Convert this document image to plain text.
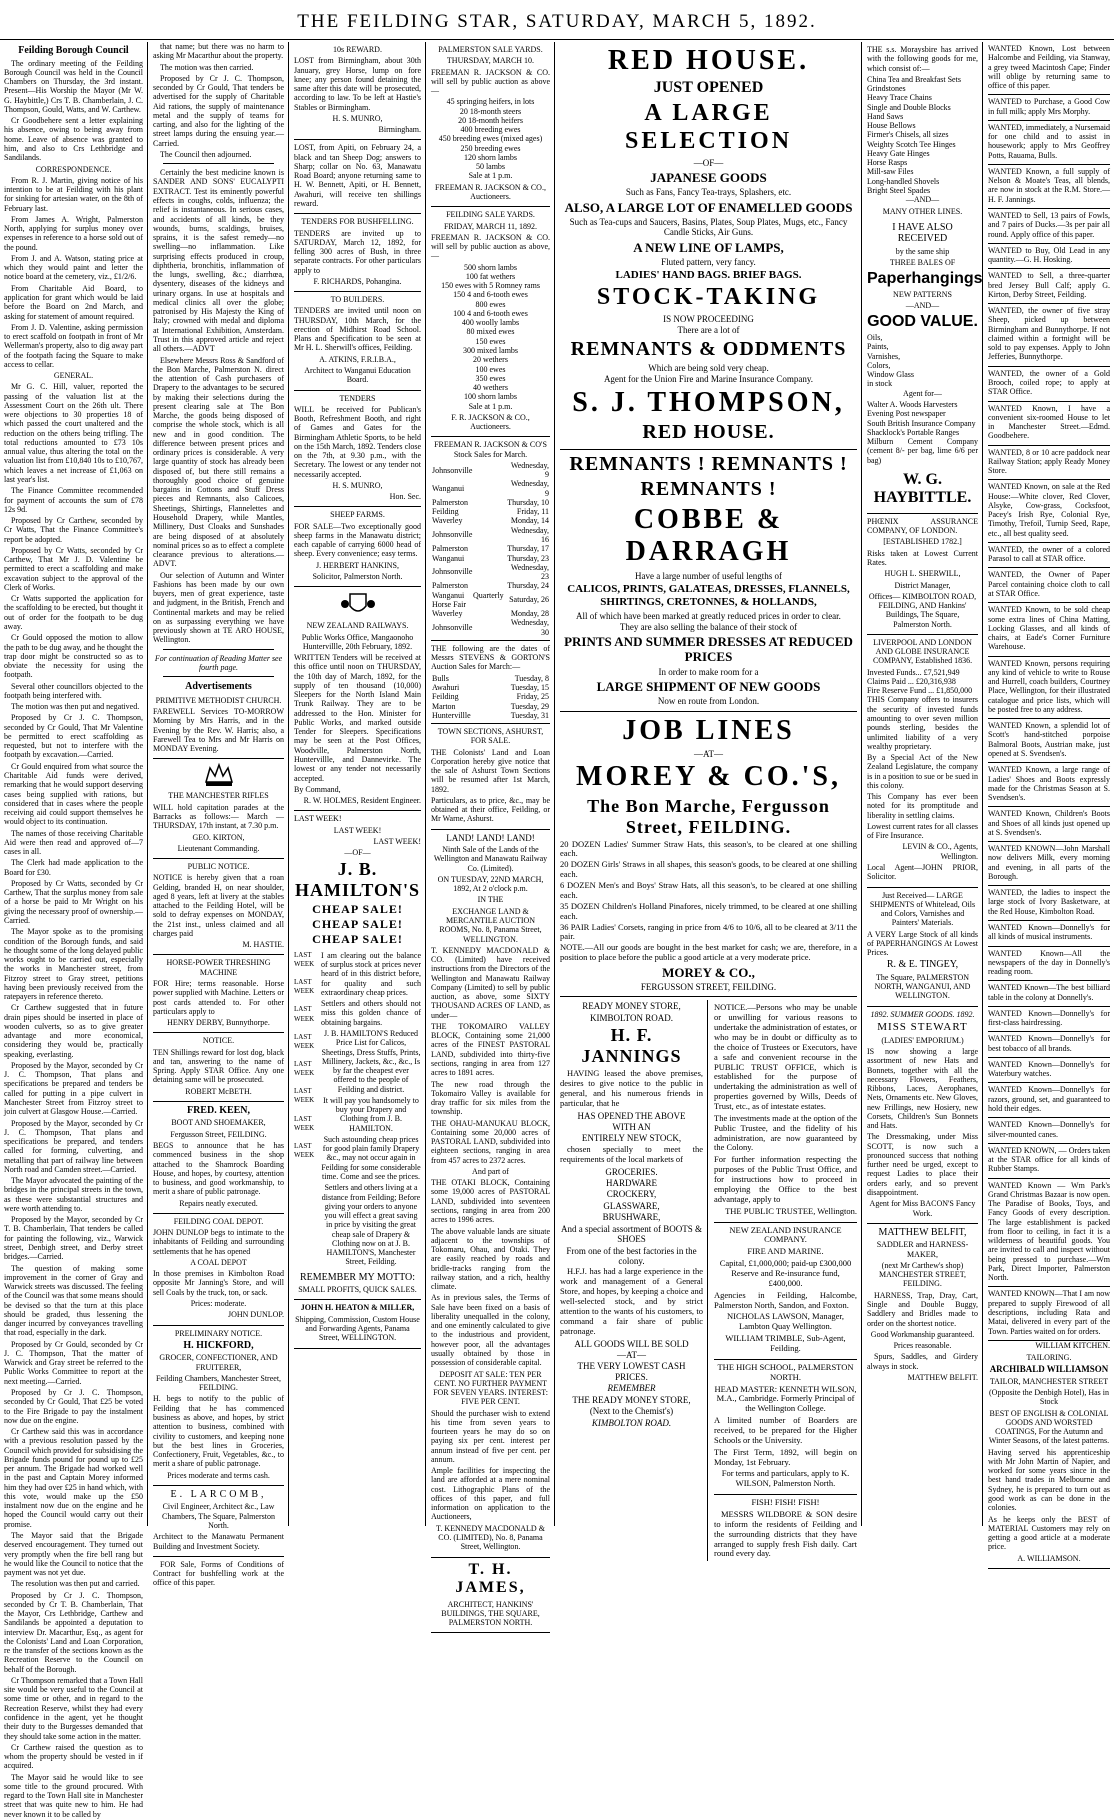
THE FEILDING STAR, SATURDAY, MARCH 5, 1892.
Feilding Borough Council

The ordinary meeting of the Feilding Borough Council was held in the Council Chambers on Thursday, the 3rd instant. Present—His Worship the Mayor (Mr W. G. Haybittle,) Crs T. B. Chamberlain, J. C. Thompson, Gould, Watts, and W. Carthew.

Cr Goodbehere sent a letter explaining his absence, owing to being away from home. Leave of absence was granted to him, and also to Crs Lethbridge and Sandilands.

CORRESPONDENCE.

From R. J. Martin, giving notice of his intention to be at Feilding with his plant for sinking for artesian water, on the 8th of February last.

From James A. Wright, Palmerston North, applying for surplus money over expenses in reference to a horse sold out of the pound.

From J. and A. Watson, stating price at which they would paint and letter the notice board at the cemetery, viz., £1/2/6.

From Charitable Aid Board, to application for grant which would be laid before the Board on 2nd March, and asking for statement of amount required.

From J. D. Valentine, asking permission to erect scaffold on footpath in front of Mr Wellerman's property, also to dig away part of the footpath facing the Square to make access to cellar.

GENERAL.

Mr G. C. Hill, valuer, reported the passing of the valuation list at the Assessment Court on the 26th ult. There were objections to 30 properties 18 of which passed the court unaltered and the reduction on the others being trifling. The total reductions amounted to £73 10s annual value, thus altering the total on the valuation list from £10,840 10s to £10,767, which leaves a net increase of £1,063 on last year's list.

The Finance Committee recommended for payment of accounts the sum of £78 12s 9d.

Proposed by Cr Carthew, seconded by Cr Watts, That the Finance Committee's report be adopted.

Proposed by Cr Watts, seconded by Cr Carthew, That Mr J. D. Valentine be permitted to erect a scaffolding and make excavation subject to the approval of the Clerk of Works.

Cr Watts supported the application for the scaffolding to be erected, but thought it out of order for the footpath to be dug away.

Cr Gould opposed the motion to allow the path to be dug away, and he thought the trap door might be constructed so as to obviate the necessity for using the footpath.

Several other councillors objected to the footpath being interfered with.

The motion was then put and negatived.

Proposed by Cr J. C. Thompson, seconded by Cr Gould, That Mr Valentine be permitted to erect scaffolding as requested, but not to interfere with the footpath by excavation.—Carried.

Cr Gould enquired from what source the Charitable Aid funds were derived, remarking that he would support deserving cases being supplied with rations, but considered that in cases where the people receiving aid could support themselves he would object to its continuation.

The names of those receiving Charitable Aid were then read and approved of—7 cases in all.

The Clerk had made application to the Board for £30.

Proposed by Cr Watts, seconded by Cr Carthew, That the surplus money from sale of a horse be paid to Mr Wright on his giving the necessary proof of ownership.—Carried.

The Mayor spoke as to the promising condition of the Borough funds, and said he thought some of the long delayed public works ought to be carried out, especially the works in Manchester street, from Fitzroy street to Gray street, petitions having been previously received from the ratepayers in reference thereto.

Cr Carthew suggested that in future drain pipes should be inserted in place of wooden culverts, so as to give greater advantage and more economical, considering they would be, practically speaking, everlasting.

Proposed by the Mayor, seconded by Cr J. C. Thompson, That plans and specifications be prepared and tenders be called for putting in a pipe culvert in Manchester Street from Fitzroy street to join culvert at Glasgow House.—Carried.

Proposed by the Mayor, seconded by Cr J. C. Thompson, That plans and specifications be prepared, and tenders called for forming, culverting, and metalling that part of railway line between North road and Camden street.—Carried.

The Mayor advocated the painting of the bridges in the principal streets in the town, as these were substantial structures and were worth attending to.

Proposed by the Mayor, seconded by Cr T. B. Chamberlain, That tenders be called for painting the following, viz., Warwick street, Denbigh street, and Derby street bridges.—Carried.

The question of making some improvement in the corner of Gray and Warwick streets was discussed. The feeling of the Council was that some means should be devised so that the turn at this place should be graded, thus lessening the danger incurred by conveyances travelling that road, especially in the dark.

Proposed by Cr Gould, seconded by Cr J. C. Thompson, That the matter of Warwick and Gray street be referred to the Public Works Committee to report at the next meeting.—Carried.

Proposed by Cr J. C. Thompson, seconded by Cr Gould, That £25 be voted to the Fire Brigade to pay the instalment now due on the engine.

Cr Carthew said this was in accordance with a previous resolution passed by the Council which provided for subsidising the Brigade funds pound for pound up to £25 per annum. The Brigade had worked well in the past and Captain Morey informed him they had over £25 in hand which, with this vote, would make up the £50 instalment now due on the engine and he hoped the Council would carry out their promise.

The Mayor said that the Brigade deserved encouragement. They turned out very promptly when the fire bell rang but he would like the Council to notice that the payment was not yet due.

The resolution was then put and carried.

Proposed by Cr J. C. Thompson, seconded by Cr T. B. Chamberlain, That the Mayor, Crs Lethbridge, Carthew and Sandilands be appointed a deputation to interview Dr. Macarthur, Esq., as agent for the Colonists' Land and Loan Corporation, re the transfer of the sections known as the Recreation Reserve to the Council on behalf of the Borough.

Cr Thompson remarked that a Town Hall site would be very useful to the Council at some time or other, and in regard to the Recreation Reserve, whilst they had every confidence in the agent, yet he thought their duty to the Burgesses demanded that they should take some action in the matter.

Cr Carthew raised the question as to whom the property should be vested in if acquired.

The Mayor said he would like to see some title to the ground procured. With regard to the Town Hall site in Manchester street that was quite new to him. He had never known it to be called by

that name; but there was no harm to asking Mr Macarthur about the property.

The motion was then carried.

Proposed by Cr J. C. Thompson, seconded by Cr Gould, That tenders be advertised for the supply of Charitable Aid rations, the supply of maintenance metal and the supply of teams for carting, and also for the lighting of the street lamps during the ensuing year.—Carried.

The Council then adjourned.

Certainly the best medicine known is SANDER AND SONS' EUCALYPTI EXTRACT. Test its eminently powerful effects in coughs, colds, influenza; the relief is instantaneous. In serious cases, and accidents of all kinds, be they wounds, burns, scaldings, bruises, sprains, it is the safest remedy—no swelling—no inflammation. Like surprising effects produced in croup, diphtheria, bronchitis, inflammation of the lungs, swelling, &c.; diarrhœa, dysentery, diseases of the kidneys and urinary organs. In use at hospitals and medical clinics all over the globe; patronised by His Majesty the King of Italy; crowned with medal and diploma at International Exhibition, Amsterdam. Trust in this approved article and reject all others.—ADVT

Elsewhere Messrs Ross & Sandford of the Bon Marche, Palmerston N. direct the attention of Cash purchasers of Drapery to the advantages to be secured by making their selections during the present clearing sale at The Bon Marche, the goods being disposed of comprise the whole stock, which is all new and in good condition. The difference between present prices and ordinary prices is considerable. A very large quantity of stock has already been disposed of, but there still remains a thoroughly good choice of genuine bargains in Cottons and Stuff Dress pieces and Remnants, also Calicoes, Sheetings, Shirtings, Flannelettes and Household Drapery, while Mantles, Millinery, Dust Cloaks and Sunshades are being disposed of at absolutely nominal prices so as to effect a complete clearance previous to alterations.—ADVT.

Our selection of Autumn and Winter Fashions has been made by our own buyers, men of great experience, taste and judgment, in the British, French and Continental markets and may be relied on as surpassing everything we have previously shown at TE ARO HOUSE, Wellington.

For continuation of Reading Matter see fourth page.

Advertisements

PRIMITIVE METHODIST CHURCH.

FAREWELL Services TO-MORROW Morning by Mrs Harris, and in the Evening by the Rev. W. Harris; also, a Farewell Tea to Mrs and Mr Harris on MONDAY Evening.

THE MANCHESTER RIFLES

WILL hold capitation parades at the Barracks as follows:— March — THURSDAY, 17th instant, at 7.30 p.m.

GEO. KIRTON,

Lieutenant Commanding.

PUBLIC NOTICE.

NOTICE is hereby given that a roan Gelding, branded H, on near shoulder, aged 8 years, left at livery at the stables attached to the Feilding Hotel, will be sold to defray expenses on MONDAY, the 21st inst., unless claimed and all charges paid

M. HASTIE.

HORSE-POWER THRESHING MACHINE

FOR Hire; terms reasonable. Horse power supplied with Machine. Letters or post cards attended to. For other particulars apply to

HENRY DERBY, Bunnythorpe.

NOTICE.

TEN Shillings reward for lost dog, black and tan, answering to the name of Spring. Apply STAR Office. Any one detaining same will be prosecuted.

ROBERT McBETH.

FRED. KEEN,

BOOT AND SHOEMAKER,

Fergusson Street, FEILDING.

BEGS to announce that he has commenced business in the shop attached to the Shamrock Boarding House, and hopes, by courtesy, attention to business, and good workmanship, to merit a share of public patronage.

Repairs neatly executed.

FEILDING COAL DEPOT.

JOHN DUNLOP begs to intimate to the inhabitants of Feilding and surrounding settlements that he has opened

A COAL DEPOT

In those premises in Kimbolton Road opposite Mr Janning's Store, and will sell Coals by the truck, ton, or sack.

Prices: moderate.

JOHN DUNLOP.

PRELIMINARY NOTICE.

H. HICKFORD,

GROCER, CONFECTIONER, AND FRUITERER,

Feilding Chambers, Manchester Street, FEILDING.

H. begs to notify to the public of Feilding that he has commenced business as above, and hopes, by strict attention to business, combined with civility to customers, and keeping none but the best lines in Groceries, Confectionery, Fruit, Vegetables, &c., to merit a share of public patronage.

Prices moderate and terms cash.

E. LARCOMB,

Civil Engineer, Architect &c., Law Chambers, The Square, Palmerston North.

Architect to the Manawatu Permanent Building and Investment Society.

FOR Sale, Forms of Conditions of Contract for bushfelling work at the office of this paper.

10s REWARD.

LOST from Birmingham, about 30th January, grey Horse, lump on fore knee; any person found detaining the same after this date will be prosecuted, according to law. To be left at Hastie's Stables or Birmingham.

H. S. MUNRO,

Birmingham.

LOST, from Apiti, on February 24, a black and tan Sheep Dog; answers to Sharp; collar on No. 63, Manawatu Road Board; anyone returning same to H. W. Bennett, Apiti, or H. Bennett, Awahuri, will receive ten shillings reward.

TENDERS FOR BUSHFELLING.

TENDERS are invited up to SATURDAY, March 12, 1892, for felling 300 acres of Bush, in three separate contracts. For other particulars apply to

F. RICHARDS, Pohangina.

TO BUILDERS.

TENDERS are invited until noon on THURSDAY, 10th March, for the erection of Midhirst Road School. Plans and Specification to be seen at Mr H. L. Sherwill's offices, Feilding.

A. ATKINS, F.R.I.B.A.,

Architect to Wanganui Education Board.

TENDERS

WILL be received for Publican's Booth, Refreshment Booth, and right of Games and Gates for the Birmingham Athletic Sports, to be held on the 15th March, 1892. Tenders close on the 7th, at 9.30 p.m., with the Secretary. The lowest or any tender not necessarily accepted.

H. S. MUNRO,

Hon. Sec.

SHEEP FARMS.

FOR SALE—Two exceptionally good sheep farms in the Manawatu district; each capable of carrying 6000 head of sheep. Every convenience; easy terms.

J. HERBERT HANKINS,

Solicitor, Palmerston North.

NEW ZEALAND RAILWAYS.

Public Works Office, Mangaonoho Huntervillle, 20th February, 1892.

WRITTEN Tenders will be received at this office until noon on THURSDAY, the 10th day of March, 1892, for the supply of ten thousand (10,000) Sleepers for the North Island Main Trunk Railway. They are to be addressed to the Hon. Minister for Public Works, and marked outside Tender for Sleepers. Specifications may be seen at the Post Offices, Woodville, Palmerston North, Huntervillle, and Dannevirke. The lowest or any tender not necessarily accepted.

By Command,

R. W. HOLMES, Resident Engineer.

LAST WEEK!

LAST WEEK!

LAST WEEK!

—OF—

J. B. HAMILTON'S
CHEAP SALE!
CHEAP SALE!
CHEAP SALE!
LAST WEEK

LAST WEEK

LAST WEEK

LAST WEEK

LAST WEEK

LAST WEEK

LAST WEEK

LAST WEEK

I am clearing out the balance of surplus stock at prices never heard of in this district before, for quality and such extraordinary cheap prices.

Settlers and others should not miss this golden chance of obtaining bargains.

J. B. HAMILTON'S Reduced Price List for Calicos, Sheetings, Dress Stuffs, Prints, Millinery, Jackets, &c., &c., Is by far the cheapest ever offered to the people of Feilding and district.

It will pay you handsomely to buy your Drapery and Clothing from J. B. HAMILTON.

Such astounding cheap prices for good plain family Drapery &c., may not occur again in Feilding for some considerable time. Come and see the prices.

Settlers and others living at a distance from Feilding; Before giving your orders to anyone you will effect a great saving in price by visiting the great cheap sale of Drapery & Clothing now on at J. B. HAMILTON'S, Manchester Street, Feilding.

REMEMBER MY MOTTO:

SMALL PROFITS, QUICK SALES.

JOHN H. HEATON & MILLER,

Shipping, Commission, Custom House and Forwarding Agents, Panama Street, WELLINGTON.

PALMERSTON SALE YARDS.

THURSDAY, MARCH 10.

FREEMAN R. JACKSON & CO. will sell by public auction as above—

45 springing heifers, in lots
20 18-month steers
20 18-month heifers
400 breeding ewes
450 breeding ewes (mixed ages)
250 breeding ewes
120 shorn lambs
50 lambs

Sale at 1 p.m.

FREEMAN R. JACKSON & CO., Auctioneers.

FEILDING SALE YARDS.

FRIDAY, MARCH 11, 1892.

FREEMAN R. JACKSON & CO. will sell by public auction as above,—

500 shorn lambs
100 fat wethers
150 ewes with 5 Romney rams
150 4 and 6-tooth ewes
800 ewes
100 4 and 6-tooth ewes
400 woolly lambs
80 mixed ewes
150 ewes
300 mixed lambs
20 wethers
100 ewes
350 ewes
40 wethers
100 shorn lambs

Sale at 1 p.m.

F. R. JACKSON & CO., Auctioneers.

FREEMAN R. JACKSON & CO'S Stock Sales for March.

Johnsonville	Wednesday, 9
Wanganui	Wednesday, 9
Palmerston	Thursday, 10
Feilding	Friday, 11
Waverley	Monday, 14
Johnsonville	Wednesday, 16
Palmerston	Thursday, 17
Wanganui	Thursday, 23
Johnsonville	Wednesday, 23
Palmerston	Thursday, 24
Wanganui Quarterly Horse Fair	Saturday, 26
Waverley	Monday, 28
Johnsonville	Wednesday, 30

THE following are the dates of Messrs STEVENS & GORTON'S Auction Sales for March:—

Bulls	Tuesday, 8
Awahuri	Tuesday, 15
Feilding	Friday, 25
Marton	Tuesday, 29
Huntervillle	Tuesday, 31

TOWN SECTIONS, ASHURST, FOR SALE.

THE Colonists' Land and Loan Corporation hereby give notice that the sale of Ashurst Town Sections will be resumed after 1st March, 1892.

Particulars, as to price, &c., may be obtained at their office, Feilding, or Mr Warne, Ashurst.

LAND! LAND! LAND!

Ninth Sale of the Lands of the Wellington and Manawatu Railway Co. (Limited).

ON TUESDAY, 22ND MARCH, 1892, At 2 o'clock p.m.

IN THE

EXCHANGE LAND & MERCANTILE AUCTION ROOMS, No. 8, Panama Street, WELLINGTON.

T. KENNEDY MACDONALD & CO. (Limited) have received instructions from the Directors of the Wellington and Manawatu Railway Company (Limited) to sell by public auction, as above, some SIXTY THOUSAND ACRES OF LAND, as under—

THE TOKOMAIRO VALLEY BLOCK, Containing some 21,000 acres of the FINEST PASTORAL LAND, subdivided into thirty-five sections, ranging in area from 127 acres to 1891 acres.

The new road through the Tokomairo Valley is available for dray traffic for six miles from the township.

THE OHAU-MANUKAU BLOCK, Containing some 20,000 acres of PASTORAL LAND, subdivided into eighteen sections, ranging in area from 457 acres to 2372 acres.

And part of

THE OTAKI BLOCK, Containing some 19,000 acres of PASTORAL LAND, subdivided into seventeen sections, ranging in area from 200 acres to 1996 acres.

The above valuable lands are situate adjacent to the townships of Tokomaru, Ohau, and Otaki. They are easily reached by roads and bridle-tracks ranging from the railway station, and a rich, healthy climate.

As in previous sales, the Terms of Sale have been fixed on a basis of liberality unequalled in the colony, and one eminently calculated to give to the industrious and provident, however poor, all the advantages usually obtained by those in possession of considerable capital.

DEPOSIT AT SALE: TEN PER CENT. NO FURTHER PAYMENT FOR SEVEN YEARS. INTEREST: FIVE PER CENT.

Should the purchaser wish to extend his time from seven years to fourteen years he may do so on paying six per cent. interest per annum instead of five per cent. per annum.

Ample facilities for inspecting the land are afforded at a mere nominal cost. Lithographic Plans of the offices of this paper, and full information on application to the Auctioneers,

T. KENNEDY MACDONALD & CO. (LIMITED), No. 8, Panama Street, Wellington.

T. H. JAMES,

ARCHITECT, HANKINS' BUILDINGS, THE SQUARE, PALMERSTON NORTH.

RED HOUSE.
JUST OPENED
A LARGE SELECTION
—OF—
JAPANESE GOODS
Such as Fans, Fancy Tea-trays, Splashers, etc.
ALSO, A LARGE LOT OF ENAMELLED GOODS
Such as Tea-cups and Saucers, Basins, Plates, Soup Plates, Mugs, etc., Fancy Candle Sticks, Air Guns.
A NEW LINE OF LAMPS,
Fluted pattern, very fancy.
LADIES' HAND BAGS. BRIEF BAGS.
STOCK-TAKING
IS NOW PROCEEDING
There are a lot of
REMNANTS & ODDMENTS
Which are being sold very cheap.
Agent for the Union Fire and Marine Insurance Company.
S. J. THOMPSON,
RED HOUSE.
REMNANTS ! REMNANTS !
REMNANTS !
COBBE & DARRAGH
Have a large number of useful lengths of
CALICOS, PRINTS, GALATEAS, DRESSES, FLANNELS, SHIRTINGS, CRETONNES, & HOLLANDS,
All of which have been marked at greatly reduced prices in order to clear.
They are also selling the balance of their stock of
PRINTS AND SUMMER DRESSES AT REDUCED PRICES
In order to make room for a
LARGE SHIPMENT OF NEW GOODS
Now en route from London.
JOB LINES
—AT—
MOREY & CO.'S,
The Bon Marche, Fergusson Street, FEILDING.
20 DOZEN Ladies' Summer Straw Hats, this season's, to be cleared at one shilling each.
20 DOZEN Girls' Straws in all shapes, this season's goods, to be cleared at one shilling each.
6 DOZEN Men's and Boys' Straw Hats, all this season's, to be cleared at one shilling each.
35 DOZEN Children's Holland Pinafores, nicely trimmed, to be cleared at one shilling each.
36 PAIR Ladies' Corsets, ranging in price from 4/6 to 10/6, all to be cleared at 3/11 the pair.

NOTE.—All our goods are bought in the best market for cash; we are, therefore, in a position to place before the public a good article at a very moderate price.

MOREY & CO.,
FERGUSSON STREET, FEILDING.
READY MONEY STORE,
KIMBOLTON ROAD.
H. F. JANNINGS

HAVING leased the above premises, desires to give notice to the public in general, and his numerous friends in particular, that he

HAS OPENED THE ABOVE
WITH AN
ENTIRELY NEW STOCK,

chosen specially to meet the requirements of the local markets of

GROCERIES.
HARDWARE
CROCKERY,
GLASSWARE,
BRUSHWARE,
And a special assortment of BOOTS & SHOES
From one of the best factories in the colony.

H.F.J. has had a large experience in the work and management of a General Store, and hopes, by keeping a choice and well-selected stock, and by strict attention to the wants of his customers, to command a fair share of public patronage.

ALL GOODS WILL BE SOLD
—AT—
THE VERY LOWEST CASH PRICES.
REMEMBER
THE READY MONEY STORE,
(Next to the Chemist's)
KIMBOLTON ROAD.

NOTICE.—Persons who may be unable or unwilling for various reasons to undertake the administration of estates, or who may be in doubt or difficulty as to the choice of Trustees or Executors, have a safe and convenient recourse in the PUBLIC TRUST OFFICE, which is established for the purpose of undertaking the administration as well of properties governed by Wills, Deeds of Trust, etc., as of intestate estates.

The investments made at the option of the Public Trustee, and the fidelity of his administration, are now guaranteed by the Colony.

For further information respecting the purposes of the Public Trust Office, and for instructions how to proceed in employing the Office to the best advantage, apply to

THE PUBLIC TRUSTEE, Wellington.

NEW ZEALAND INSURANCE COMPANY.

FIRE AND MARINE.

Capital, £1,000,000; paid-up £300,000 Reserve and Re-insurance fund, £400,000.

Agencies in Feilding, Halcombe, Palmerston North, Sandon, and Foxton.

NICHOLAS LAWSON, Manager, Lambton Quay Wellington.

WILLIAM TRIMBLE, Sub-Agent, Feilding.

THE HIGH SCHOOL, PALMERSTON NORTH.

HEAD MASTER: KENNETH WILSON, M.A., Cambridge. Formerly Principal of the Wellington College.

A limited number of Boarders are received, to be prepared for the Higher Schools or the University.

The First Term, 1892, will begin on Monday, 1st February.

For terms and particulars, apply to K. WILSON, Palmerston North.

FISH! FISH! FISH!

MESSRS WILDBORE & SON desire to inform the residents of Feilding and the surrounding districts that they have arranged to supply fresh Fish daily. Cart round every day.

THE s.s. Moraysbire has arrived with the following goods for me, which consist of:—

China Tea and Breakfast Sets
Grindstones
Heavy Trace Chains
Single and Double Blocks
Hand Saws
House Bellows
Firmer's Chisels, all sizes
Weighty Scotch Tee Hinges
Heavy Gate Hinges
Horse Rasps
Mill-saw Files
Long-handled Shovels
Bright Steel Spades

—AND—

MANY OTHER LINES.

I HAVE ALSO RECEIVED

by the same ship

THREE BALES OF

Paperhangings

NEW PATTERNS

—AND—

GOOD VALUE.
Oils,
Paints,
Varnishes,
Colors,
Window Glass
in stock

Agent for—

Walter A. Woods Harvesters
Evening Post newspaper
South British Insurance Company
Shacklock's Portable Ranges
Milburn Cement Company (cement 8/- per bag, lime 6/6 per bag)
W. G. HAYBITTLE.

PHŒNIX ASSURANCE COMPANY, OF LONDON.

[ESTABLISHED 1782.]

Risks taken at Lowest Current Rates.

HUGH L. SHERWILL,

District Manager,

Offices— KIMBOLTON ROAD, FEILDING, AND Hankins' Buildings, The Square, Palmerston North.

LIVERPOOL AND LONDON AND GLOBE INSURANCE COMPANY, Established 1836.

Invested Funds... £7,521,949
Claims Paid ... £20,316,938
Fire Reserve Fund ... £1,850,000

THIS Company offers to insurers the security of invested funds amounting to over seven million pounds sterling, besides the unlimited liability of a very wealthy proprietary.

By a Special Act of the New Zealand Legislature, the company is in a position to sue or be sued in this colony.

This Company has ever been noted for its promptitude and liberality in settling claims.

Lowest current rates for all classes of Fire Insurance.

LEVIN & CO., Agents, Wellington.

Local Agent—JOHN PRIOR, Solicitor.

Just Received— LARGE SHIPMENTS of Whitelead, Oils and Colors, Varnishes and Painters' Materials.

A VERY Large Stock of all kinds of PAPERHANGINGS At Lowest Prices.

R. & E. TINGEY,

The Square, PALMERSTON NORTH, WANGANUI, AND WELLINGTON.

1892. SUMMER GOODS. 1892.

MISS STEWART

(LADIES' EMPORIUM.)

IS now showing a large assortment of new Hats and Bonnets, together with all the necessary Flowers, Feathers, Ribbons, Laces, Aerophanes, Nets, Ornaments etc. New Gloves, new Frillings, new Hosiery, new Corsets, Children's Sun Bonnets and Hats.

The Dressmaking, under Miss SCOTT, is now such a pronounced success that nothing further need be urged, except to request Ladies to place their orders early, and so prevent disappointment.

Agent for Miss BACON'S Fancy Work.

MATTHEW BELFIT,

SADDLER and HARNESS-MAKER,

(next Mr Carthew's shop) MANCHESTER STREET, FEILDING.

HARNESS, Trap, Dray, Cart, Single and Double Buggy, Saddlery and Bridles made to order on the shortest notice.

Good Workmanship guaranteed.

Prices reasonable.

Spurs, Saddles, and Girdery always in stock.

MATTHEW BELFIT.

WANTED Known, Lost between Halcombe and Feilding, via Stanway, a grey tweed Macintosh Cape; Finder will oblige by returning same to office of this paper.

WANTED to Purchase, a Good Cow in full milk; apply Mrs Morphy.

WANTED, immediately, a Nursemaid for one child and to assist in housework; apply to Mrs Geoffrey Potts, Rauama, Bulls.

WANTED Known, a full supply of Nelson & Moate's Teas, all blends, are now in stock at the R.M. Store.—H. F. Jannings.

WANTED to Sell, 13 pairs of Fowls, and 7 pairs of Ducks.—3s per pair all round. Apply office of this paper.

WANTED to Buy, Old Lead in any quantity.—G. H. Hosking.

WANTED to Sell, a three-quarter bred Jersey Bull Calf; apply G. Kirton, Derby Street, Feilding.

WANTED, the owner of five stray Sheep, picked up between Birmingham and Bunnythorpe. If not claimed within a fortnight will be sold to pay expenses. Apply to John Jefferies, Bunnythorpe.

WANTED, the owner of a Gold Brooch, coiled rope; to apply at STAR Office.

WANTED Known, I have a convenient six-roomed House to let in Manchester Street.—Edmd. Goodbehere.

WANTED, 8 or 10 acre paddock near Railway Station; apply Ready Money Store.

WANTED Known, on sale at the Red House:—White clover, Red Clover, Alsyke, Cow-grass, Cocksfoot, Pacey's Irish Rye, Colonial Rye, Timothy, Trefoil, Turnip Seed, Rape, etc., all best quality seed.

WANTED, the owner of a colored Parasol to call at STAR office.

WANTED, the Owner of Paper Parcel containing choice cloth to call at STAR Office.

WANTED Known, to be sold cheap some extra lines of China Matting, Locking Glasses, and all kinds of chairs, at Eade's Corner Furniture Warehouse.

WANTED Known, persons requiring any kind of vehicle to write to Rouse and Hurrell, coach builders, Courtney Place, Wellington, for their illustrated catalogue and price lists, which will be posted free to any address.

WANTED Known, a splendid lot of Scott's hand-stitched porpoise Balmoral Boots, Austrian make, just opened at S. Svendsen's.

WANTED Known, a large range of Ladies' Shoes and Boots expressly made for the Christmas Season at S. Svendsen's.

WANTED Known, Children's Boots and Shoes of all kinds just opened up at S. Svendsen's.

WANTED KNOWN—John Marshall now delivers Milk, every morning and evening, in all parts of the Borough.

WANTED, the ladies to inspect the large stock of Ivory Basketware, at the Red House, Kimbolton Road.

WANTED Known—Donnelly's for all kinds of musical instruments.

WANTED Known—All the newspapers of the day in Donnelly's reading room.

WANTED Known—The best billiard table in the colony at Donnelly's.

WANTED Known—Donnelly's for first-class hairdressing.

WANTED Known—Donnelly's for best tobacco of all brands.

WANTED Known—Donnelly's for Waterbury watches.

WANTED Known—Donnelly's for razors, ground, set, and guaranteed to hold their edges.

WANTED Known—Donnelly's for silver-mounted canes.

WANTED KNOWN, — Orders taken at the STAR office for all kinds of Rubber Stamps.

WANTED Known — Wm Park's Grand Christmas Bazaar is now open. The Paradise of Books, Toys, and Fancy Goods of every description. The large establishment is packed from floor to ceiling, in fact it is a wilderness of beautiful goods. You are invited to call and inspect without being pressed to purchase.—Wm Park, Direct Importer, Palmerston North.

WANTED KNOWN—That I am now prepared to supply Firewood of all descriptions, including Rata and Matai, delivered in every part of the Town. Parties waited on for orders.

WILLIAM KITCHEN.

TAILORING.

ARCHIBALD WILLIAMSON

TAILOR, MANCHESTER STREET

(Opposite the Denbigh Hotel), Has in Stock

BEST OF ENGLISH & COLONIAL GOODS AND WORSTED COATINGS, For the Autumn and Winter Seasons, of the latest patterns.

Having served his apprenticeship with Mr John Martin of Napier, and worked for some years since in the best hand trades in Melbourne and Sydney, he is prepared to turn out as good work as can be done in the colonies.

As he keeps only the BEST of MATERIAL Customers may rely on getting a good article at a moderate price.

A. WILLIAMSON.
